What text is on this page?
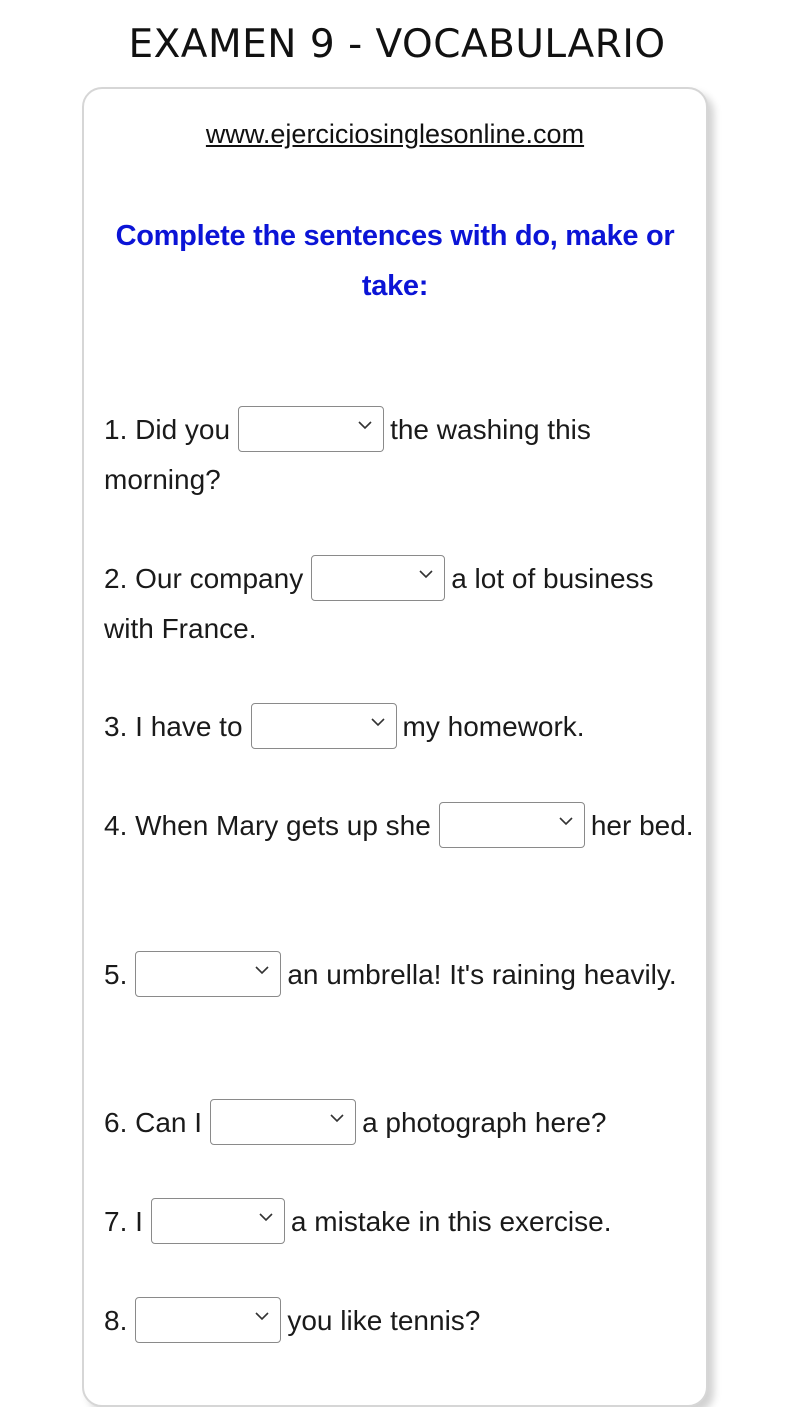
EXAMEN 9 - VOCABULARIO
www.ejerciciosinglesonline.com
Complete the sentences with do, make or take:
1. Did you	the washing this morning?
2. Our company	a lot of business with France.
3. I have to	my homework.
4. When Mary gets up she	her bed.
5.	an umbrella! It's raining heavily.
6. Can I	a photograph here?
7. I	a mistake in this exercise.
8.	you like tennis?
